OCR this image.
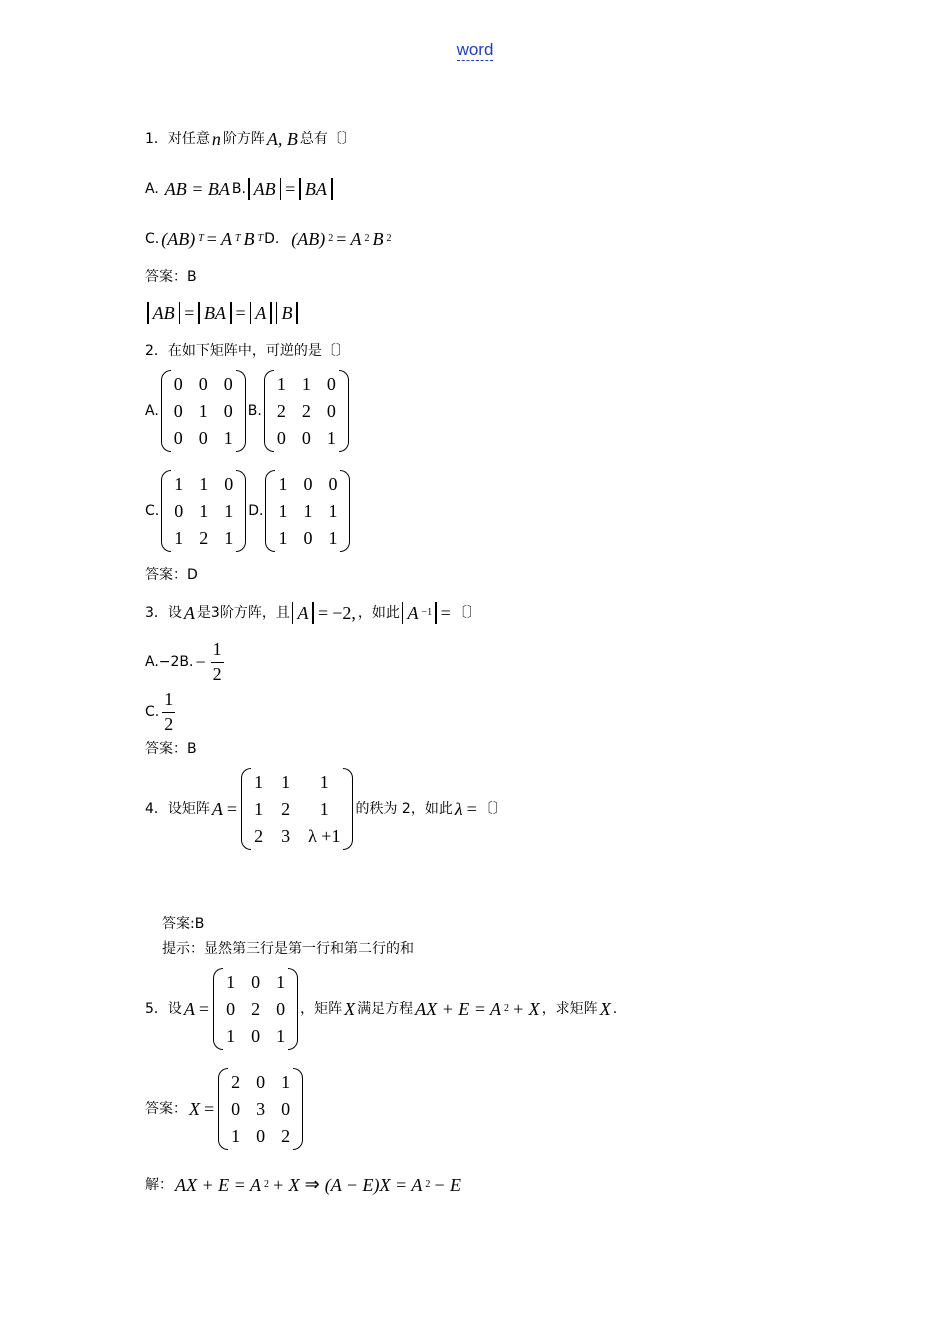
word
1．对任意 n 阶方阵 A, B 总有〔〕
A. AB = BA B. AB = BA
C. (AB) T = A T B T D. (AB) 2 = A 2 B 2
答案：B
AB = BA = A B
2．在如下矩阵中，可逆的是〔〕
A.
0 0 0
0 1 0
0 0 1
B.
1 1 0
2 2 0
0 0 1
C.
1 1 0
0 1 1
1 2 1
D.
1 0 0
1 1 1
1 0 1
答案：D
3．设 A 是3阶方阵，且 A = −2, ，如此 A −1 = 〔〕
A.−2B. − $\frac{1}{2}$
C. $\frac{1}{2}$
答案：B
4．设矩阵 A =
1 1	1
1 2	1
2 3 λ +1
的秩为 2，如此 λ = 〔〕
答案:B
提示：显然第三行是第一行和第二行的和
5．设 A =
1 0 1
0 2 0
1 0 1
，矩阵 X 满足方程 AX + E = A 2 + X ，求矩阵 X .
答案： X =
2 0 1
0 3 0
1 0 2
解： AX + E = A 2 + X ⇒ (A − E)X = A 2 − E
